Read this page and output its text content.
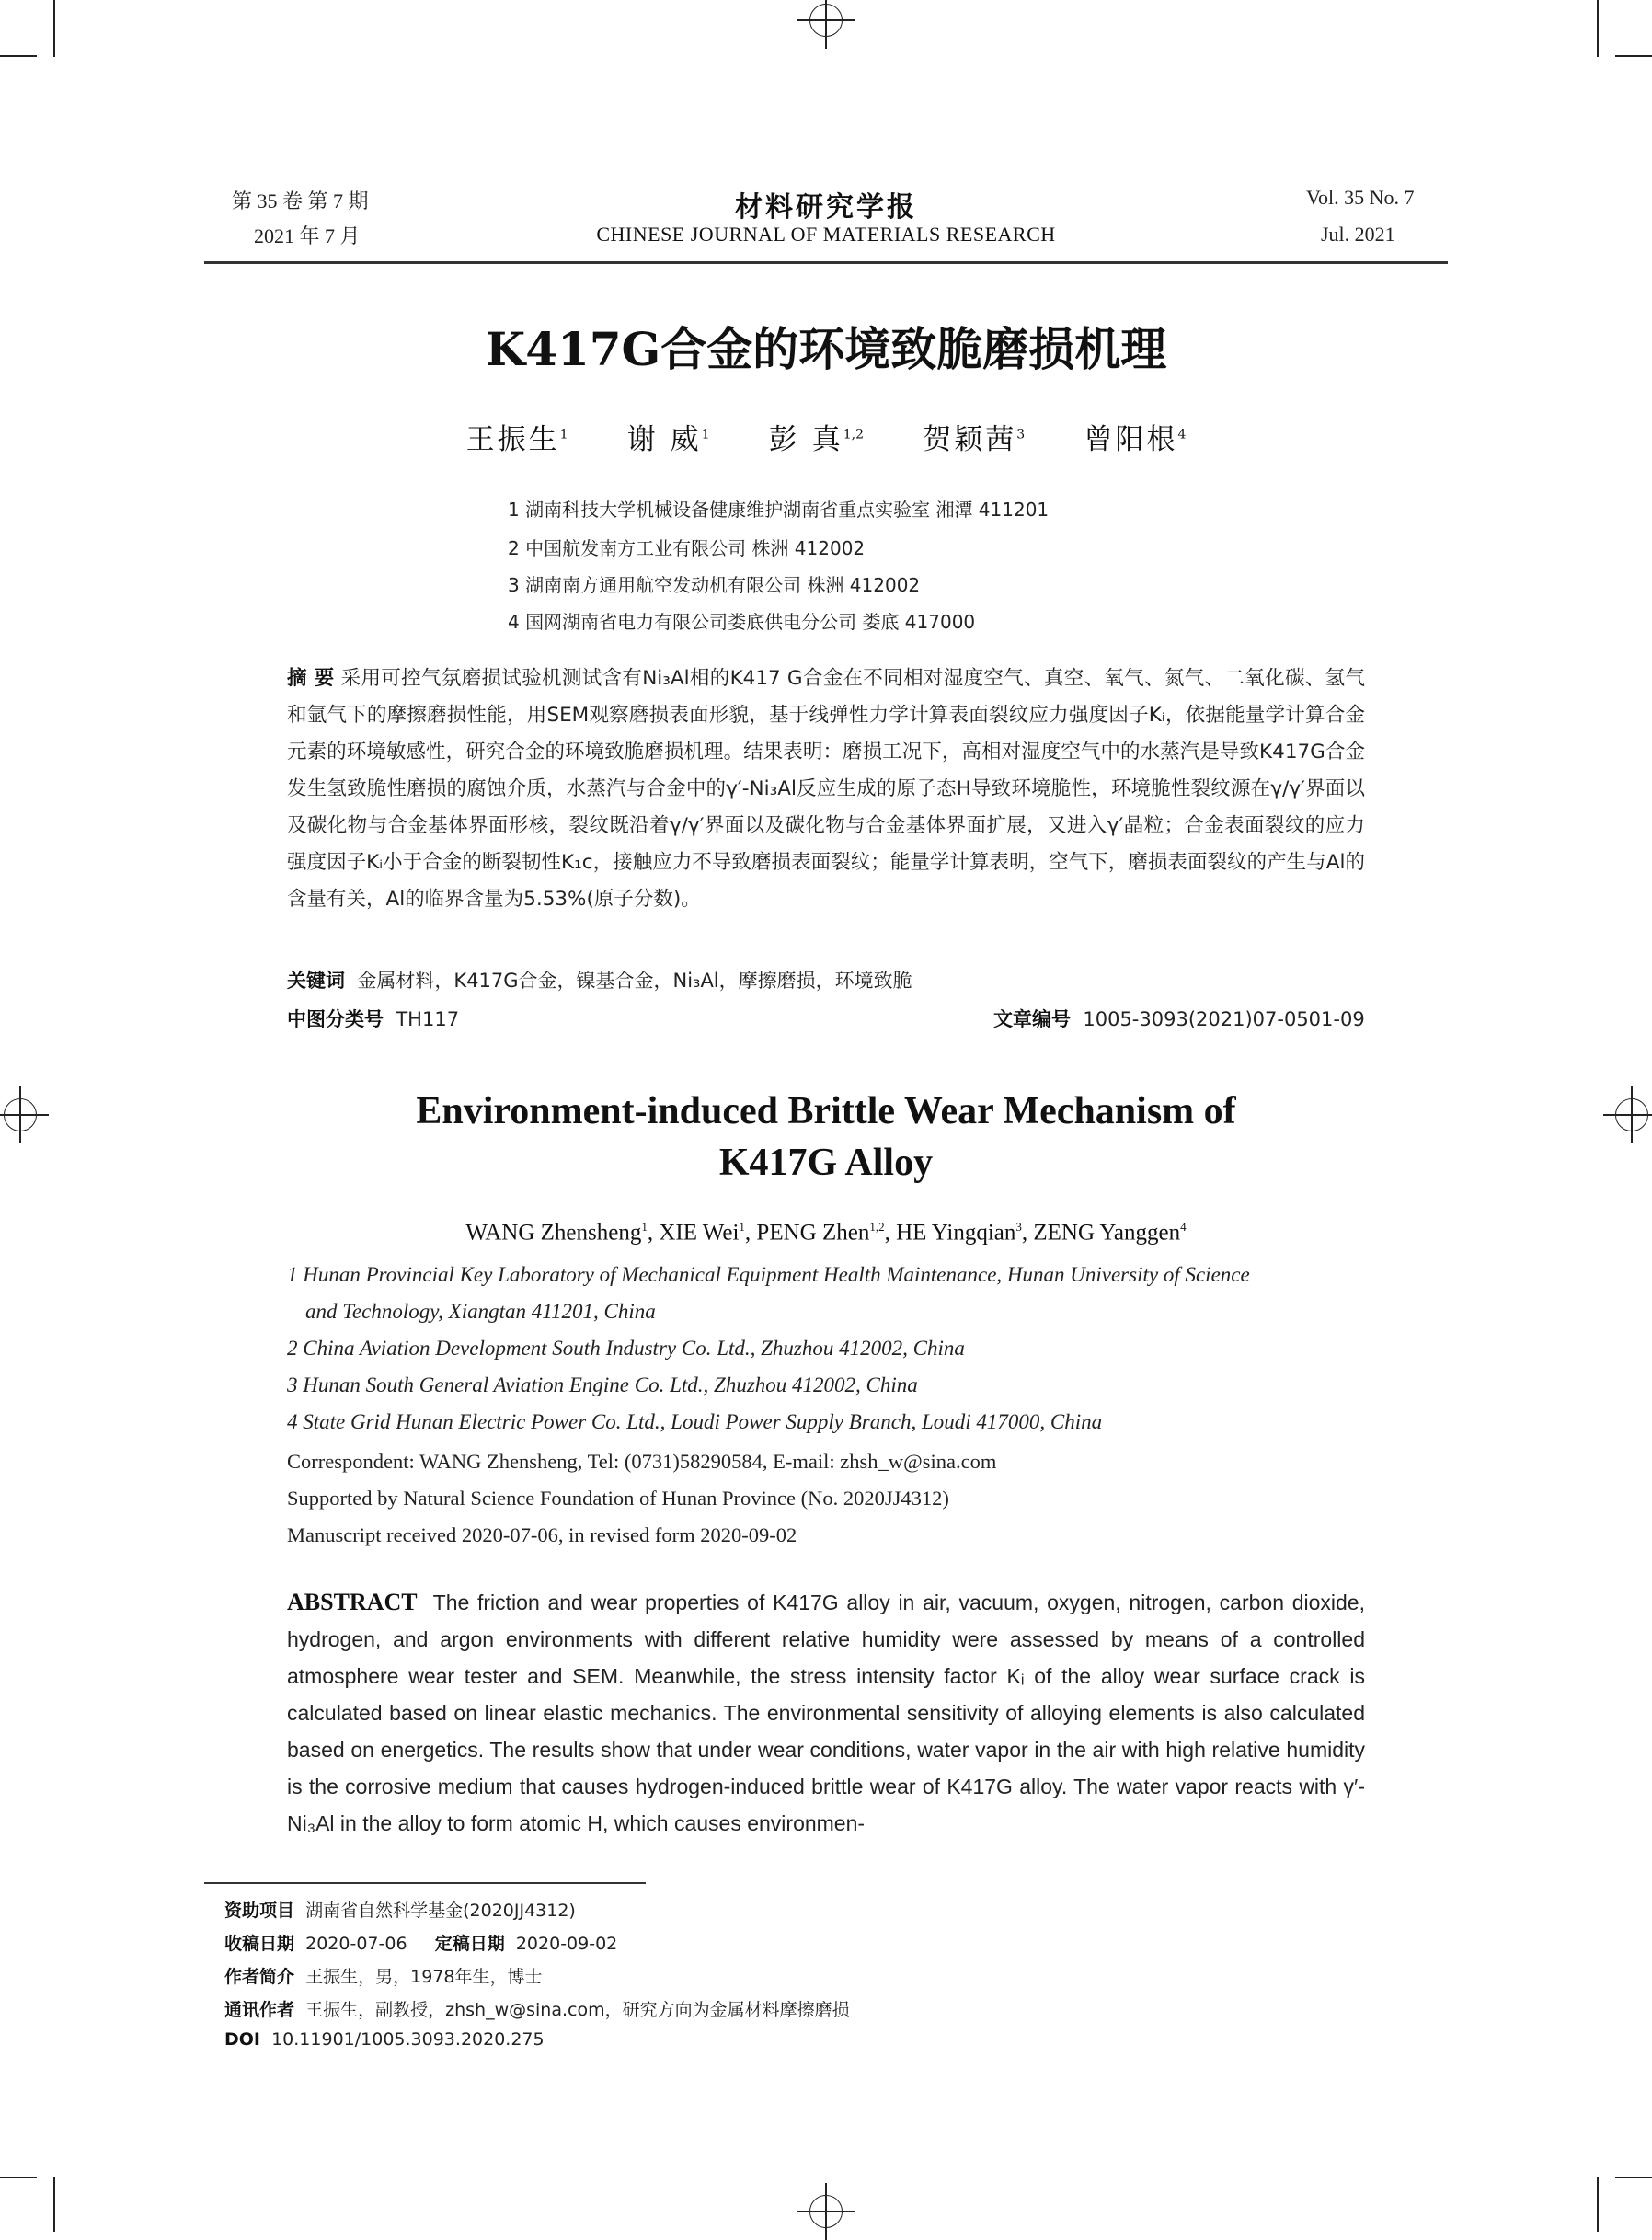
第 35 卷 第 7 期
2021 年 7 月
材料研究学报
CHINESE JOURNAL OF MATERIALS RESEARCH
Vol. 35 No. 7
Jul. 2021
K417G合金的环境致脆磨损机理
王振生$^1$ 谢 威$^1$ 彭 真$^{1,2}$ 贺颖茜$^3$ 曾阳根$^4$
1 湖南科技大学机械设备健康维护湖南省重点实验室 湘潭 411201
2 中国航发南方工业有限公司 株洲 412002
3 湖南南方通用航空发动机有限公司 株洲 412002
4 国网湖南省电力有限公司娄底供电分公司 娄底 417000
摘 要 采用可控气氛磨损试验机测试含有Ni₃Al相的K417 G合金在不同相对湿度空气、真空、氧气、氮气、二氧化碳、氢气和氩气下的摩擦磨损性能，用SEM观察磨损表面形貌，基于线弹性力学计算表面裂纹应力强度因子Kᵢ，依据能量学计算合金元素的环境敏感性，研究合金的环境致脆磨损机理。结果表明：磨损工况下，高相对湿度空气中的水蒸汽是导致K417G合金发生氢致脆性磨损的腐蚀介质，水蒸汽与合金中的γ′-Ni₃Al反应生成的原子态H导致环境脆性，环境脆性裂纹源在γ/γ′界面以及碳化物与合金基体界面形核，裂纹既沿着γ/γ′界面以及碳化物与合金基体界面扩展，又进入γ′晶粒；合金表面裂纹的应力强度因子Kᵢ小于合金的断裂韧性K₁c，接触应力不导致磨损表面裂纹；能量学计算表明，空气下，磨损表面裂纹的产生与Al的含量有关，Al的临界含量为5.53%(原子分数)。
关键词 金属材料，K417G合金，镍基合金，Ni₃Al，摩擦磨损，环境致脆
中图分类号 TH117	文章编号 1005-3093(2021)07-0501-09
Environment-induced Brittle Wear Mechanism of
K417G Alloy
WANG Zhensheng$^1$, XIE Wei$^1$, PENG Zhen$^{1,2}$, HE Yingqian$^3$, ZENG Yanggen$^4$
1 Hunan Provincial Key Laboratory of Mechanical Equipment Health Maintenance, Hunan University of Science
and Technology, Xiangtan 411201, China
2 China Aviation Development South Industry Co. Ltd., Zhuzhou 412002, China
3 Hunan South General Aviation Engine Co. Ltd., Zhuzhou 412002, China
4 State Grid Hunan Electric Power Co. Ltd., Loudi Power Supply Branch, Loudi 417000, China
Correspondent: WANG Zhensheng, Tel: (0731)58290584, E-mail: zhsh_w@sina.com
Supported by Natural Science Foundation of Hunan Province (No. 2020JJ4312)
Manuscript received 2020-07-06, in revised form 2020-09-02
ABSTRACT The friction and wear properties of K417G alloy in air, vacuum, oxygen, nitrogen, carbon dioxide, hydrogen, and argon environments with different relative humidity were assessed by means of a controlled atmosphere wear tester and SEM. Meanwhile, the stress intensity factor Kᵢ of the alloy wear surface crack is calculated based on linear elastic mechanics. The environmental sensitivity of alloying elements is also calculated based on energetics. The results show that under wear conditions, water vapor in the air with high relative humidity is the corrosive medium that causes hydrogen-induced brittle wear of K417G alloy. The water vapor reacts with γ′-Ni₃Al in the alloy to form atomic H, which causes environmen-
资助项目 湖南省自然科学基金(2020JJ4312)
收稿日期 2020-07-06 定稿日期 2020-09-02
作者简介 王振生，男，1978年生，博士
通讯作者 王振生，副教授，zhsh_w@sina.com，研究方向为金属材料摩擦磨损
DOI 10.11901/1005.3093.2020.275
